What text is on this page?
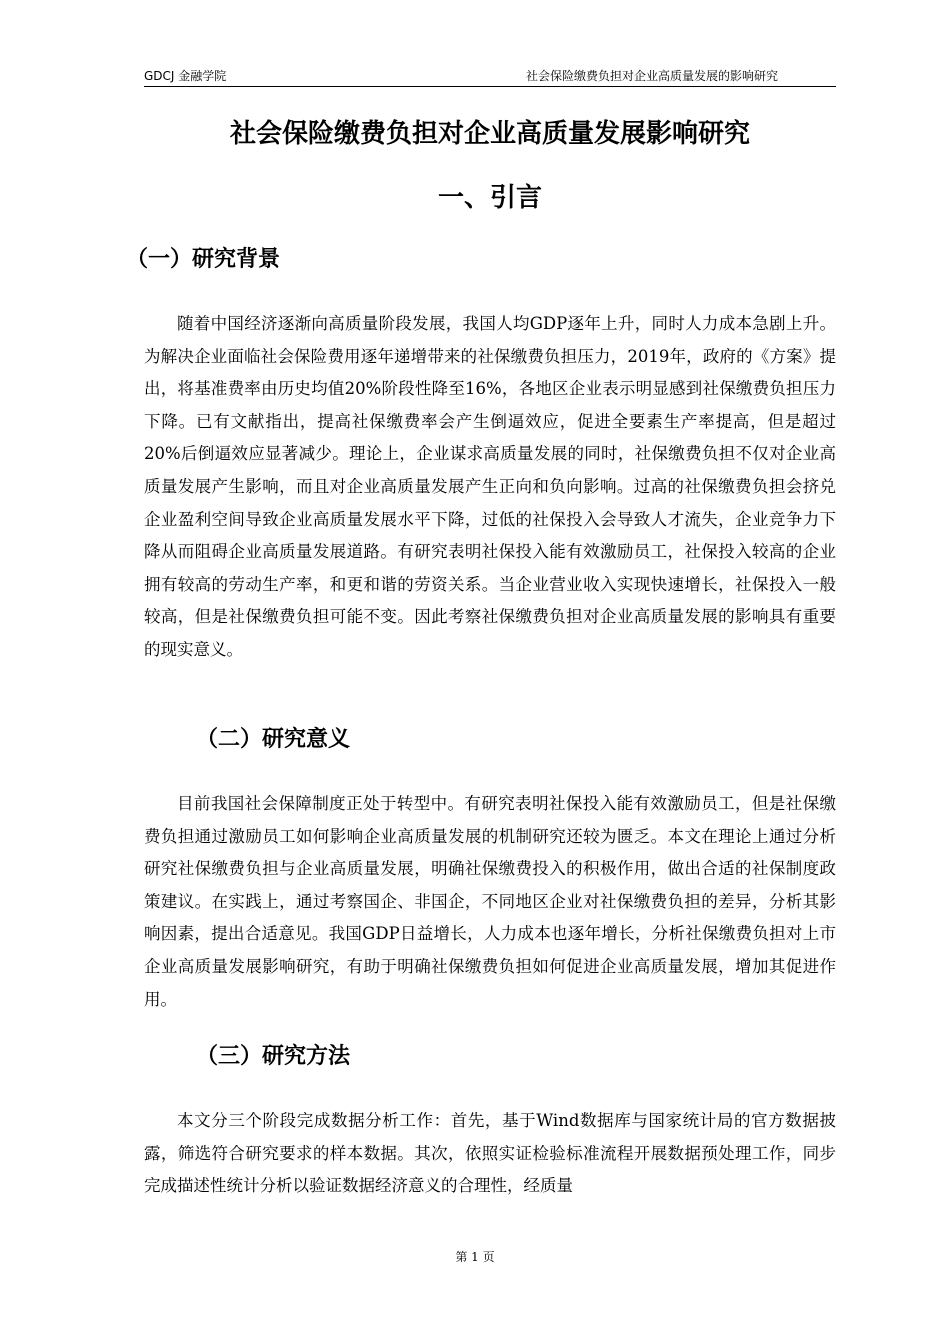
GDCJ 金融学院	社会保险缴费负担对企业高质量发展的影响研究
社会保险缴费负担对企业高质量发展影响研究
一、引言
（一）研究背景

随着中国经济逐渐向高质量阶段发展，我国人均GDP逐年上升，同时人力成本急剧上升。为解决企业面临社会保险费用逐年递增带来的社保缴费负担压力，2019年，政府的《方案》提出，将基准费率由历史均值20%阶段性降至16%，各地区企业表示明显感到社保缴费负担压力下降。已有文献指出，提高社保缴费率会产生倒逼效应，促进全要素生产率提高，但是超过20%后倒逼效应显著减少。理论上，企业谋求高质量发展的同时，社保缴费负担不仅对企业高质量发展产生影响，而且对企业高质量发展产生正向和负向影响。过高的社保缴费负担会挤兑企业盈利空间导致企业高质量发展水平下降，过低的社保投入会导致人才流失，企业竞争力下降从而阻碍企业高质量发展道路。有研究表明社保投入能有效激励员工，社保投入较高的企业拥有较高的劳动生产率，和更和谐的劳资关系。当企业营业收入实现快速增长，社保投入一般较高，但是社保缴费负担可能不变。因此考察社保缴费负担对企业高质量发展的影响具有重要的现实意义。

（二）研究意义

目前我国社会保障制度正处于转型中。有研究表明社保投入能有效激励员工，但是社保缴费负担通过激励员工如何影响企业高质量发展的机制研究还较为匮乏。本文在理论上通过分析研究社保缴费负担与企业高质量发展，明确社保缴费投入的积极作用，做出合适的社保制度政策建议。在实践上，通过考察国企、非国企，不同地区企业对社保缴费负担的差异，分析其影响因素，提出合适意见。我国GDP日益增长，人力成本也逐年增长，分析社保缴费负担对上市企业高质量发展影响研究，有助于明确社保缴费负担如何促进企业高质量发展，增加其促进作用。

（三）研究方法

本文分三个阶段完成数据分析工作：首先，基于Wind数据库与国家统计局的官方数据披露，筛选符合研究要求的样本数据。其次，依照实证检验标准流程开展数据预处理工作，同步完成描述性统计分析以验证数据经济意义的合理性，经质量

第 1 页
